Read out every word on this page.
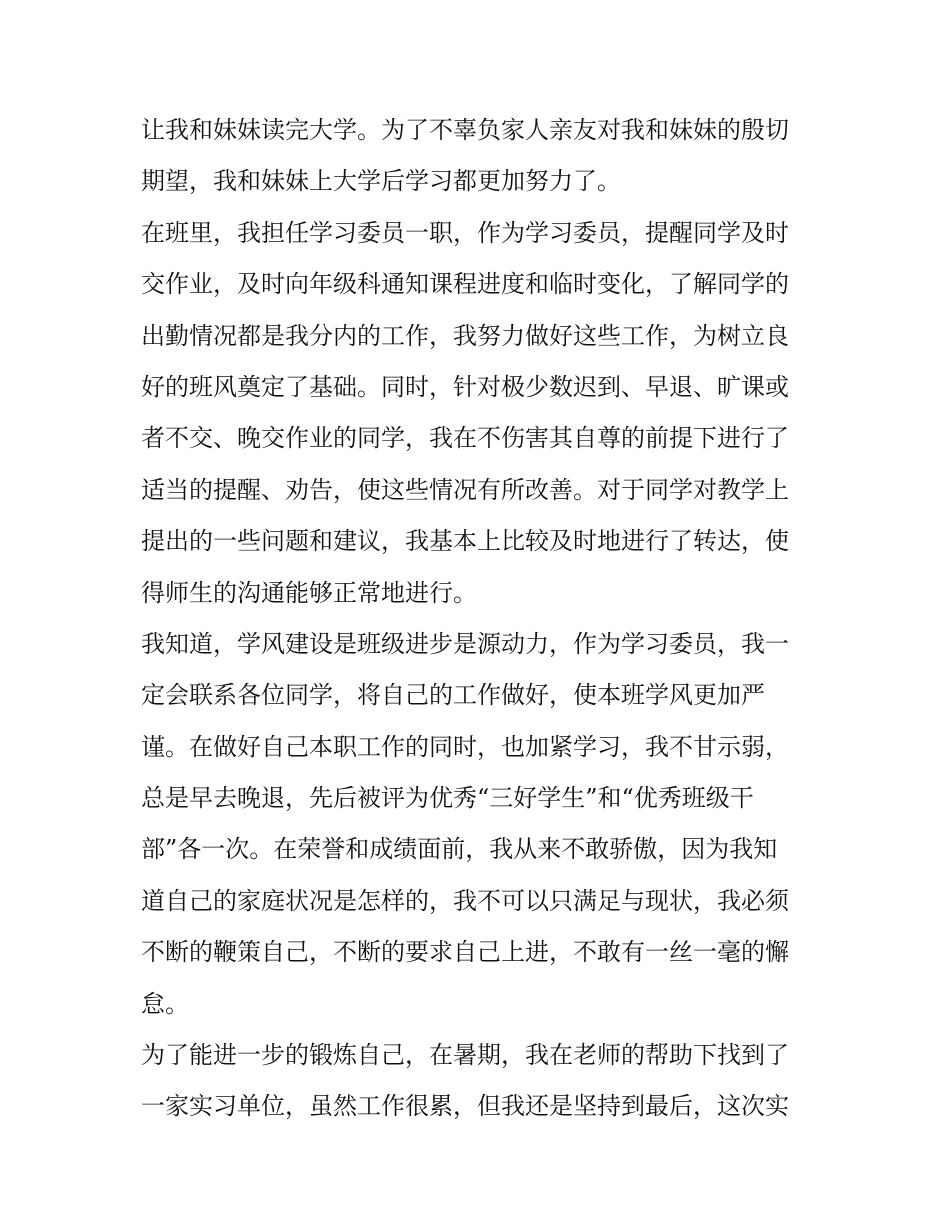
让我和妹妹读完大学。为了不辜负家人亲友对我和妹妹的殷切
期望，我和妹妹上大学后学习都更加努力了。
在班里，我担任学习委员一职，作为学习委员，提醒同学及时
交作业，及时向年级科通知课程进度和临时变化，了解同学的
出勤情况都是我分内的工作，我努力做好这些工作，为树立良
好的班风奠定了基础。同时，针对极少数迟到、早退、旷课或
者不交、晚交作业的同学，我在不伤害其自尊的前提下进行了
适当的提醒、劝告，使这些情况有所改善。对于同学对教学上
提出的一些问题和建议，我基本上比较及时地进行了转达，使
得师生的沟通能够正常地进行。
我知道，学风建设是班级进步是源动力，作为学习委员，我一
定会联系各位同学，将自己的工作做好，使本班学风更加严
谨。在做好自己本职工作的同时，也加紧学习，我不甘示弱，
总是早去晚退，先后被评为优秀“三好学生”和“优秀班级干
部”各一次。在荣誉和成绩面前，我从来不敢骄傲，因为我知
道自己的家庭状况是怎样的，我不可以只满足与现状，我必须
不断的鞭策自己，不断的要求自己上进，不敢有一丝一毫的懈
怠。
为了能进一步的锻炼自己，在暑期，我在老师的帮助下找到了
一家实习单位，虽然工作很累，但我还是坚持到最后，这次实
